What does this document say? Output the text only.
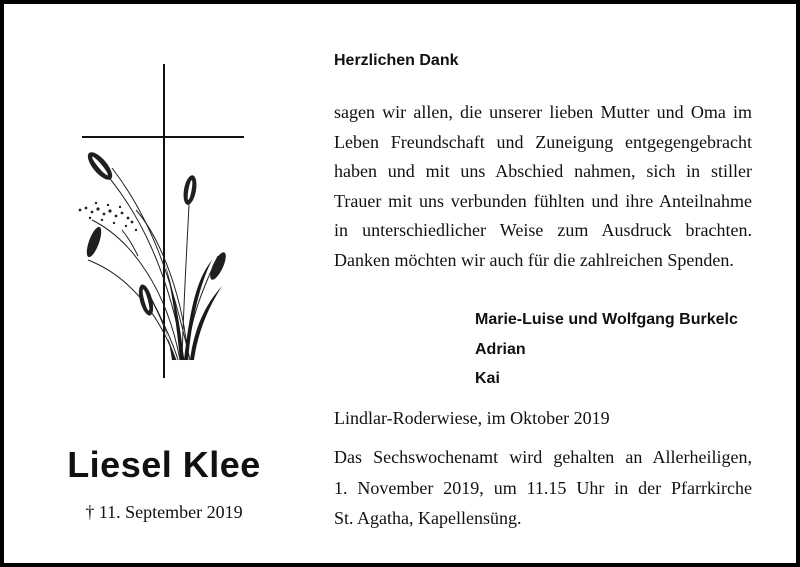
Liesel Klee
† 11. September 2019
Herzlichen Dank
sagen wir allen, die unserer lieben Mutter und Oma im
Leben Freundschaft und Zuneigung entgegengebracht
haben und mit uns Abschied nahmen, sich in stiller
Trauer mit uns verbunden fühlten und ihre Anteilnahme
in unterschiedlicher Weise zum Ausdruck brachten.
Danken möchten wir auch für die zahlreichen Spenden.
Marie-Luise und Wolfgang Burkelc
Adrian
Kai
Lindlar-Roderwiese, im Oktober 2019
Das Sechswochenamt wird gehalten an Allerheiligen,
1. November 2019, um 11.15 Uhr in der Pfarrkirche
St. Agatha, Kapellensüng.
